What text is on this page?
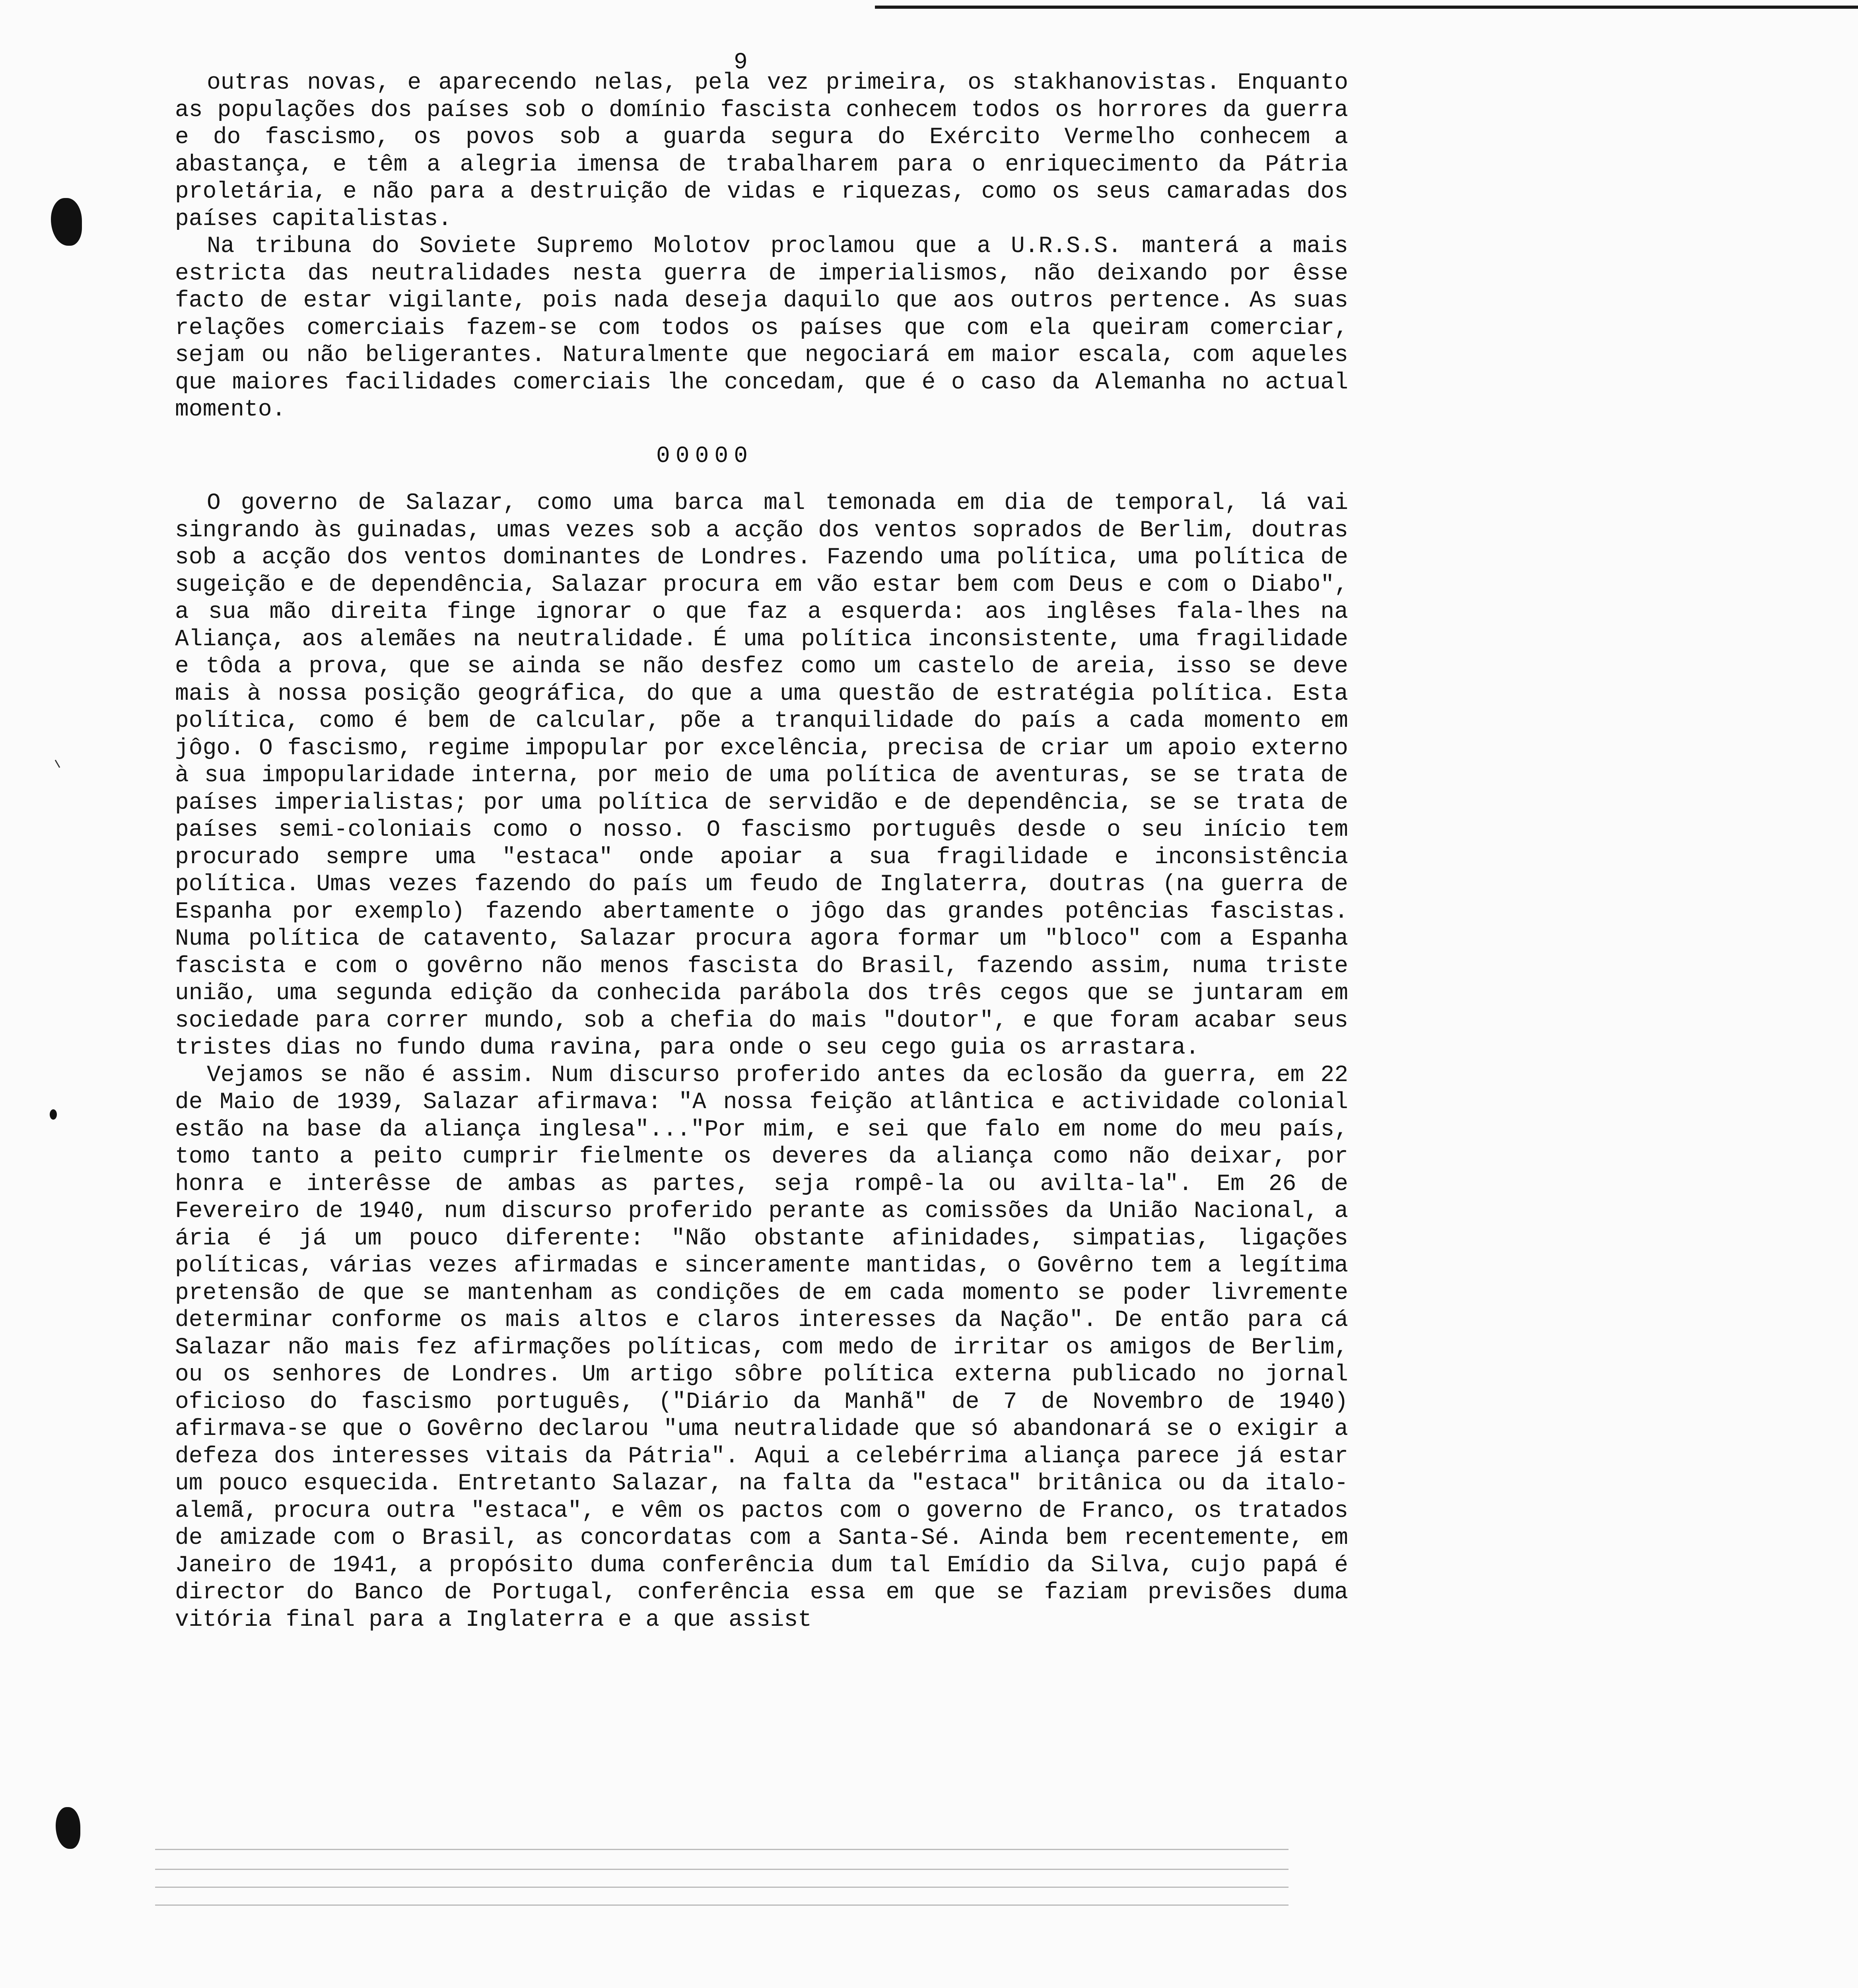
9

outras novas, e aparecendo nelas, pela vez primeira, os stakhanovistas. Enquanto as populações dos países sob o domínio fascista conhecem todos os horrores da guerra e do fascismo, os povos sob a guarda segura do Exército Vermelho conhecem a abastança, e têm a alegria imensa de trabalharem para o enriquecimento da Pátria proletária, e não para a destruição de vidas e riquezas, como os seus camaradas dos países capitalistas.

Na tribuna do Soviete Supremo Molotov proclamou que a U.R.S.S. manterá a mais estricta das neutralidades nesta guerra de imperialismos, não deixando por êsse facto de estar vigilante, pois nada deseja daquilo que aos outros pertence. As suas relações comerciais fazem-se com todos os países que com ela queiram comerciar, sejam ou não beligerantes. Naturalmente que negociará em maior escala, com aqueles que maiores facilidades comerciais lhe concedam, que é o caso da Alemanha no actual momento.

00000

O governo de Salazar, como uma barca mal temonada em dia de temporal, lá vai singrando às guinadas, umas vezes sob a acção dos ventos soprados de Berlim, doutras sob a acção dos ventos dominantes de Londres. Fazendo uma política, uma política de sugeição e de dependência, Salazar procura em vão estar bem com Deus e com o Diabo", a sua mão direita finge ignorar o que faz a esquerda: aos inglêses fala-lhes na Aliança, aos alemães na neutralidade. É uma política inconsistente, uma fragilidade e tôda a prova, que se ainda se não desfez como um castelo de areia, isso se deve mais à nossa posição geográfica, do que a uma questão de estratégia política. Esta política, como é bem de calcular, põe a tranquilidade do país a cada momento em jôgo. O fascismo, regime impopular por excelência, precisa de criar um apoio externo à sua impopularidade interna, por meio de uma política de aventuras, se se trata de países imperialistas; por uma política de servidão e de dependência, se se trata de países semi-coloniais como o nosso. O fascismo português desde o seu início tem procurado sempre uma "estaca" onde apoiar a sua fragilidade e inconsistência política. Umas vezes fazendo do país um feudo de Inglaterra, doutras (na guerra de Espanha por exemplo) fazendo abertamente o jôgo das grandes potências fascistas. Numa política de catavento, Salazar procura agora formar um "bloco" com a Espanha fascista e com o govêrno não menos fascista do Brasil, fazendo assim, numa triste união, uma segunda edição da conhecida parábola dos três cegos que se juntaram em sociedade para correr mundo, sob a chefia do mais "doutor", e que foram acabar seus tristes dias no fundo duma ravina, para onde o seu cego guia os arrastara.

Vejamos se não é assim. Num discurso proferido antes da eclosão da guerra, em 22 de Maio de 1939, Salazar afirmava: "A nossa feição atlântica e actividade colonial estão na base da aliança inglesa"..."Por mim, e sei que falo em nome do meu país, tomo tanto a peito cumprir fielmente os deveres da aliança como não deixar, por honra e interêsse de ambas as partes, seja rompê-la ou avilta-la". Em 26 de Fevereiro de 1940, num discurso proferido perante as comissões da União Nacional, a ária é já um pouco diferente: "Não obstante afinidades, simpatias, ligações políticas, várias vezes afirmadas e sinceramente mantidas, o Govêrno tem a legítima pretensão de que se mantenham as condições de em cada momento se poder livremente determinar conforme os mais altos e claros interesses da Nação". De então para cá Salazar não mais fez afirmações políticas, com medo de irritar os amigos de Berlim, ou os senhores de Londres. Um artigo sôbre política externa publicado no jornal oficioso do fascismo português, ("Diário da Manhã" de 7 de Novembro de 1940) afirmava-se que o Govêrno declarou "uma neutralidade que só abandonará se o exigir a defeza dos interesses vitais da Pátria". Aqui a celebérrima aliança parece já estar um pouco esquecida. Entretanto Salazar, na falta da "estaca" britânica ou da italo-alemã, procura outra "estaca", e vêm os pactos com o governo de Franco, os tratados de amizade com o Brasil, as concordatas com a Santa-Sé. Ainda bem recentemente, em Janeiro de 1941, a propósito duma conferência dum tal Emídio da Silva, cujo papá é director do Banco de Portugal, conferência essa em que se faziam previsões duma vitória final para a Inglaterra e a que assist
